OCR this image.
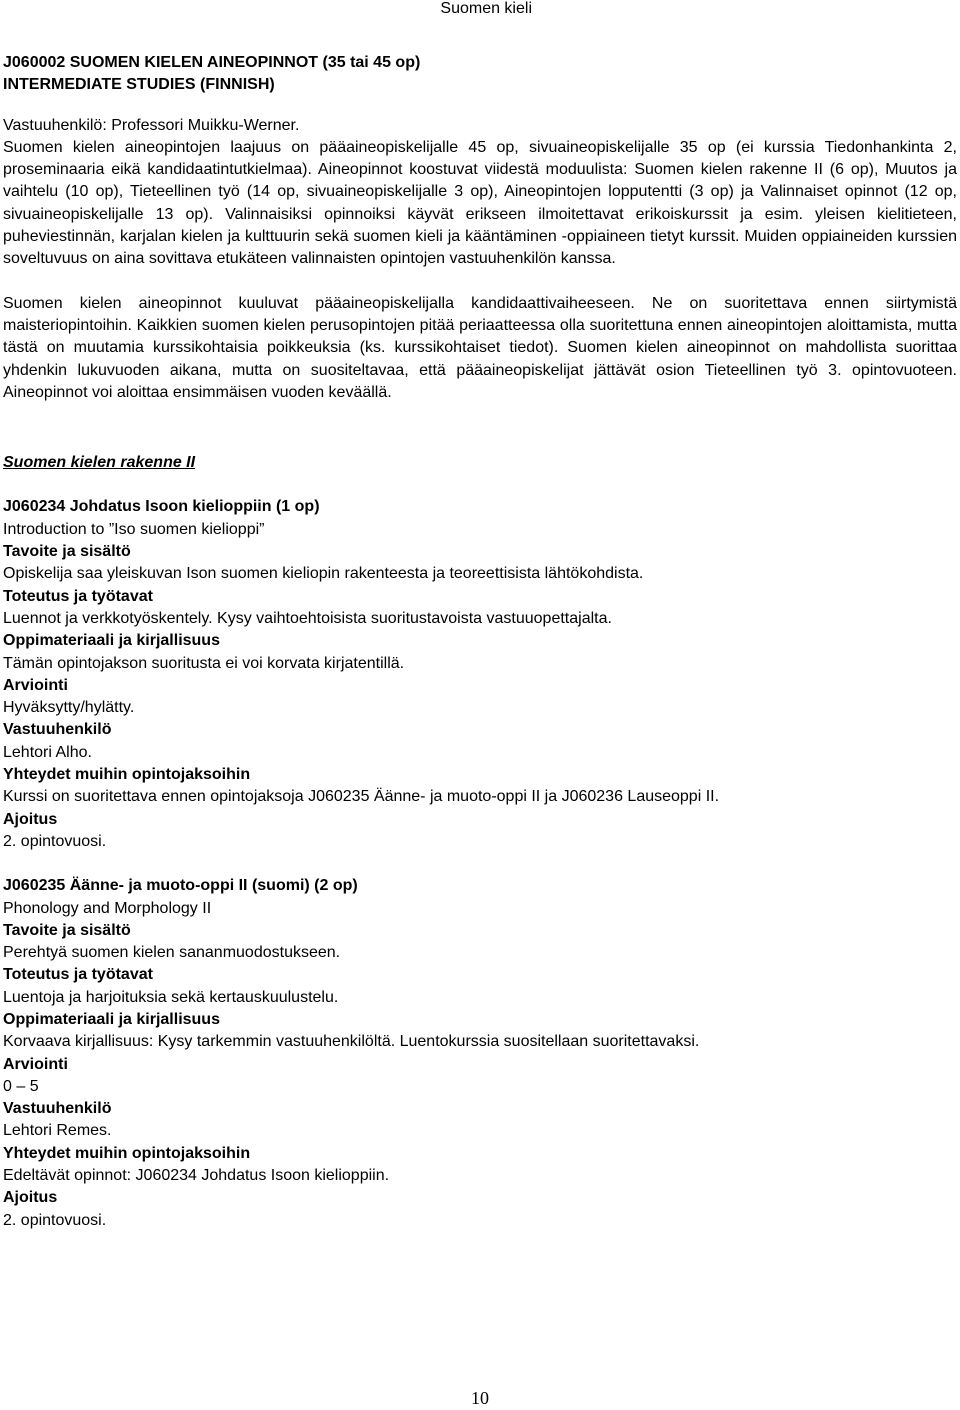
Suomen kieli

J060002 SUOMEN KIELEN AINEOPINNOT (35 tai 45 op)

INTERMEDIATE STUDIES (FINNISH)

Vastuuhenkilö: Professori Muikku-Werner.

Suomen kielen aineopintojen laajuus on pääaineopiskelijalle 45 op, sivuaineopiskelijalle 35 op (ei kurssia Tiedonhankinta 2, proseminaaria eikä kandidaatintutkielmaa). Aineopinnot koostuvat viidestä moduulista: Suomen kielen rakenne II (6 op), Muutos ja vaihtelu (10 op), Tieteellinen työ (14 op, sivuaineopiskelijalle 3 op), Aineopintojen lopputentti (3 op) ja Valinnaiset opinnot (12 op, sivuaineopiskelijalle 13 op). Valinnaisiksi opinnoiksi käyvät erikseen ilmoitettavat erikoiskurssit ja esim. yleisen kielitieteen, puheviestinnän, karjalan kielen ja kulttuurin sekä suomen kieli ja kääntäminen -oppiaineen tietyt kurssit. Muiden oppiaineiden kurssien soveltuvuus on aina sovittava etukäteen valinnaisten opintojen vastuuhenkilön kanssa.

Suomen kielen aineopinnot kuuluvat pääaineopiskelijalla kandidaattivaiheeseen. Ne on suoritettava ennen siirtymistä maisteriopintoihin. Kaikkien suomen kielen perusopintojen pitää periaatteessa olla suoritettuna ennen aineopintojen aloittamista, mutta tästä on muutamia kurssikohtaisia poikkeuksia (ks. kurssikohtaiset tiedot). Suomen kielen aineopinnot on mahdollista suorittaa yhdenkin lukuvuoden aikana, mutta on suositeltavaa, että pääaineopiskelijat jättävät osion Tieteellinen työ 3. opintovuoteen. Aineopinnot voi aloittaa ensimmäisen vuoden keväällä.

Suomen kielen rakenne II

J060234 Johdatus Isoon kielioppiin (1 op)

Introduction to ”Iso suomen kielioppi”

Tavoite ja sisältö

Opiskelija saa yleiskuvan Ison suomen kieliopin rakenteesta ja teoreettisista lähtökohdista.

Toteutus ja työtavat

Luennot ja verkkotyöskentely. Kysy vaihtoehtoisista suoritustavoista vastuuopettajalta.

Oppimateriaali ja kirjallisuus

Tämän opintojakson suoritusta ei voi korvata kirjatentillä.

Arviointi

Hyväksytty/hylätty.

Vastuuhenkilö

Lehtori Alho.

Yhteydet muihin opintojaksoihin

Kurssi on suoritettava ennen opintojaksoja J060235 Äänne- ja muoto-oppi II ja J060236 Lauseoppi II.

Ajoitus

2. opintovuosi.

J060235 Äänne- ja muoto-oppi II (suomi) (2 op)

Phonology and Morphology II

Tavoite ja sisältö

Perehtyä suomen kielen sananmuodostukseen.

Toteutus ja työtavat

Luentoja ja harjoituksia sekä kertauskuulustelu.

Oppimateriaali ja kirjallisuus

Korvaava kirjallisuus: Kysy tarkemmin vastuuhenkilöltä. Luentokurssia suositellaan suoritettavaksi.

Arviointi

0 – 5

Vastuuhenkilö

Lehtori Remes.

Yhteydet muihin opintojaksoihin

Edeltävät opinnot: J060234 Johdatus Isoon kielioppiin.

Ajoitus

2. opintovuosi.

10
